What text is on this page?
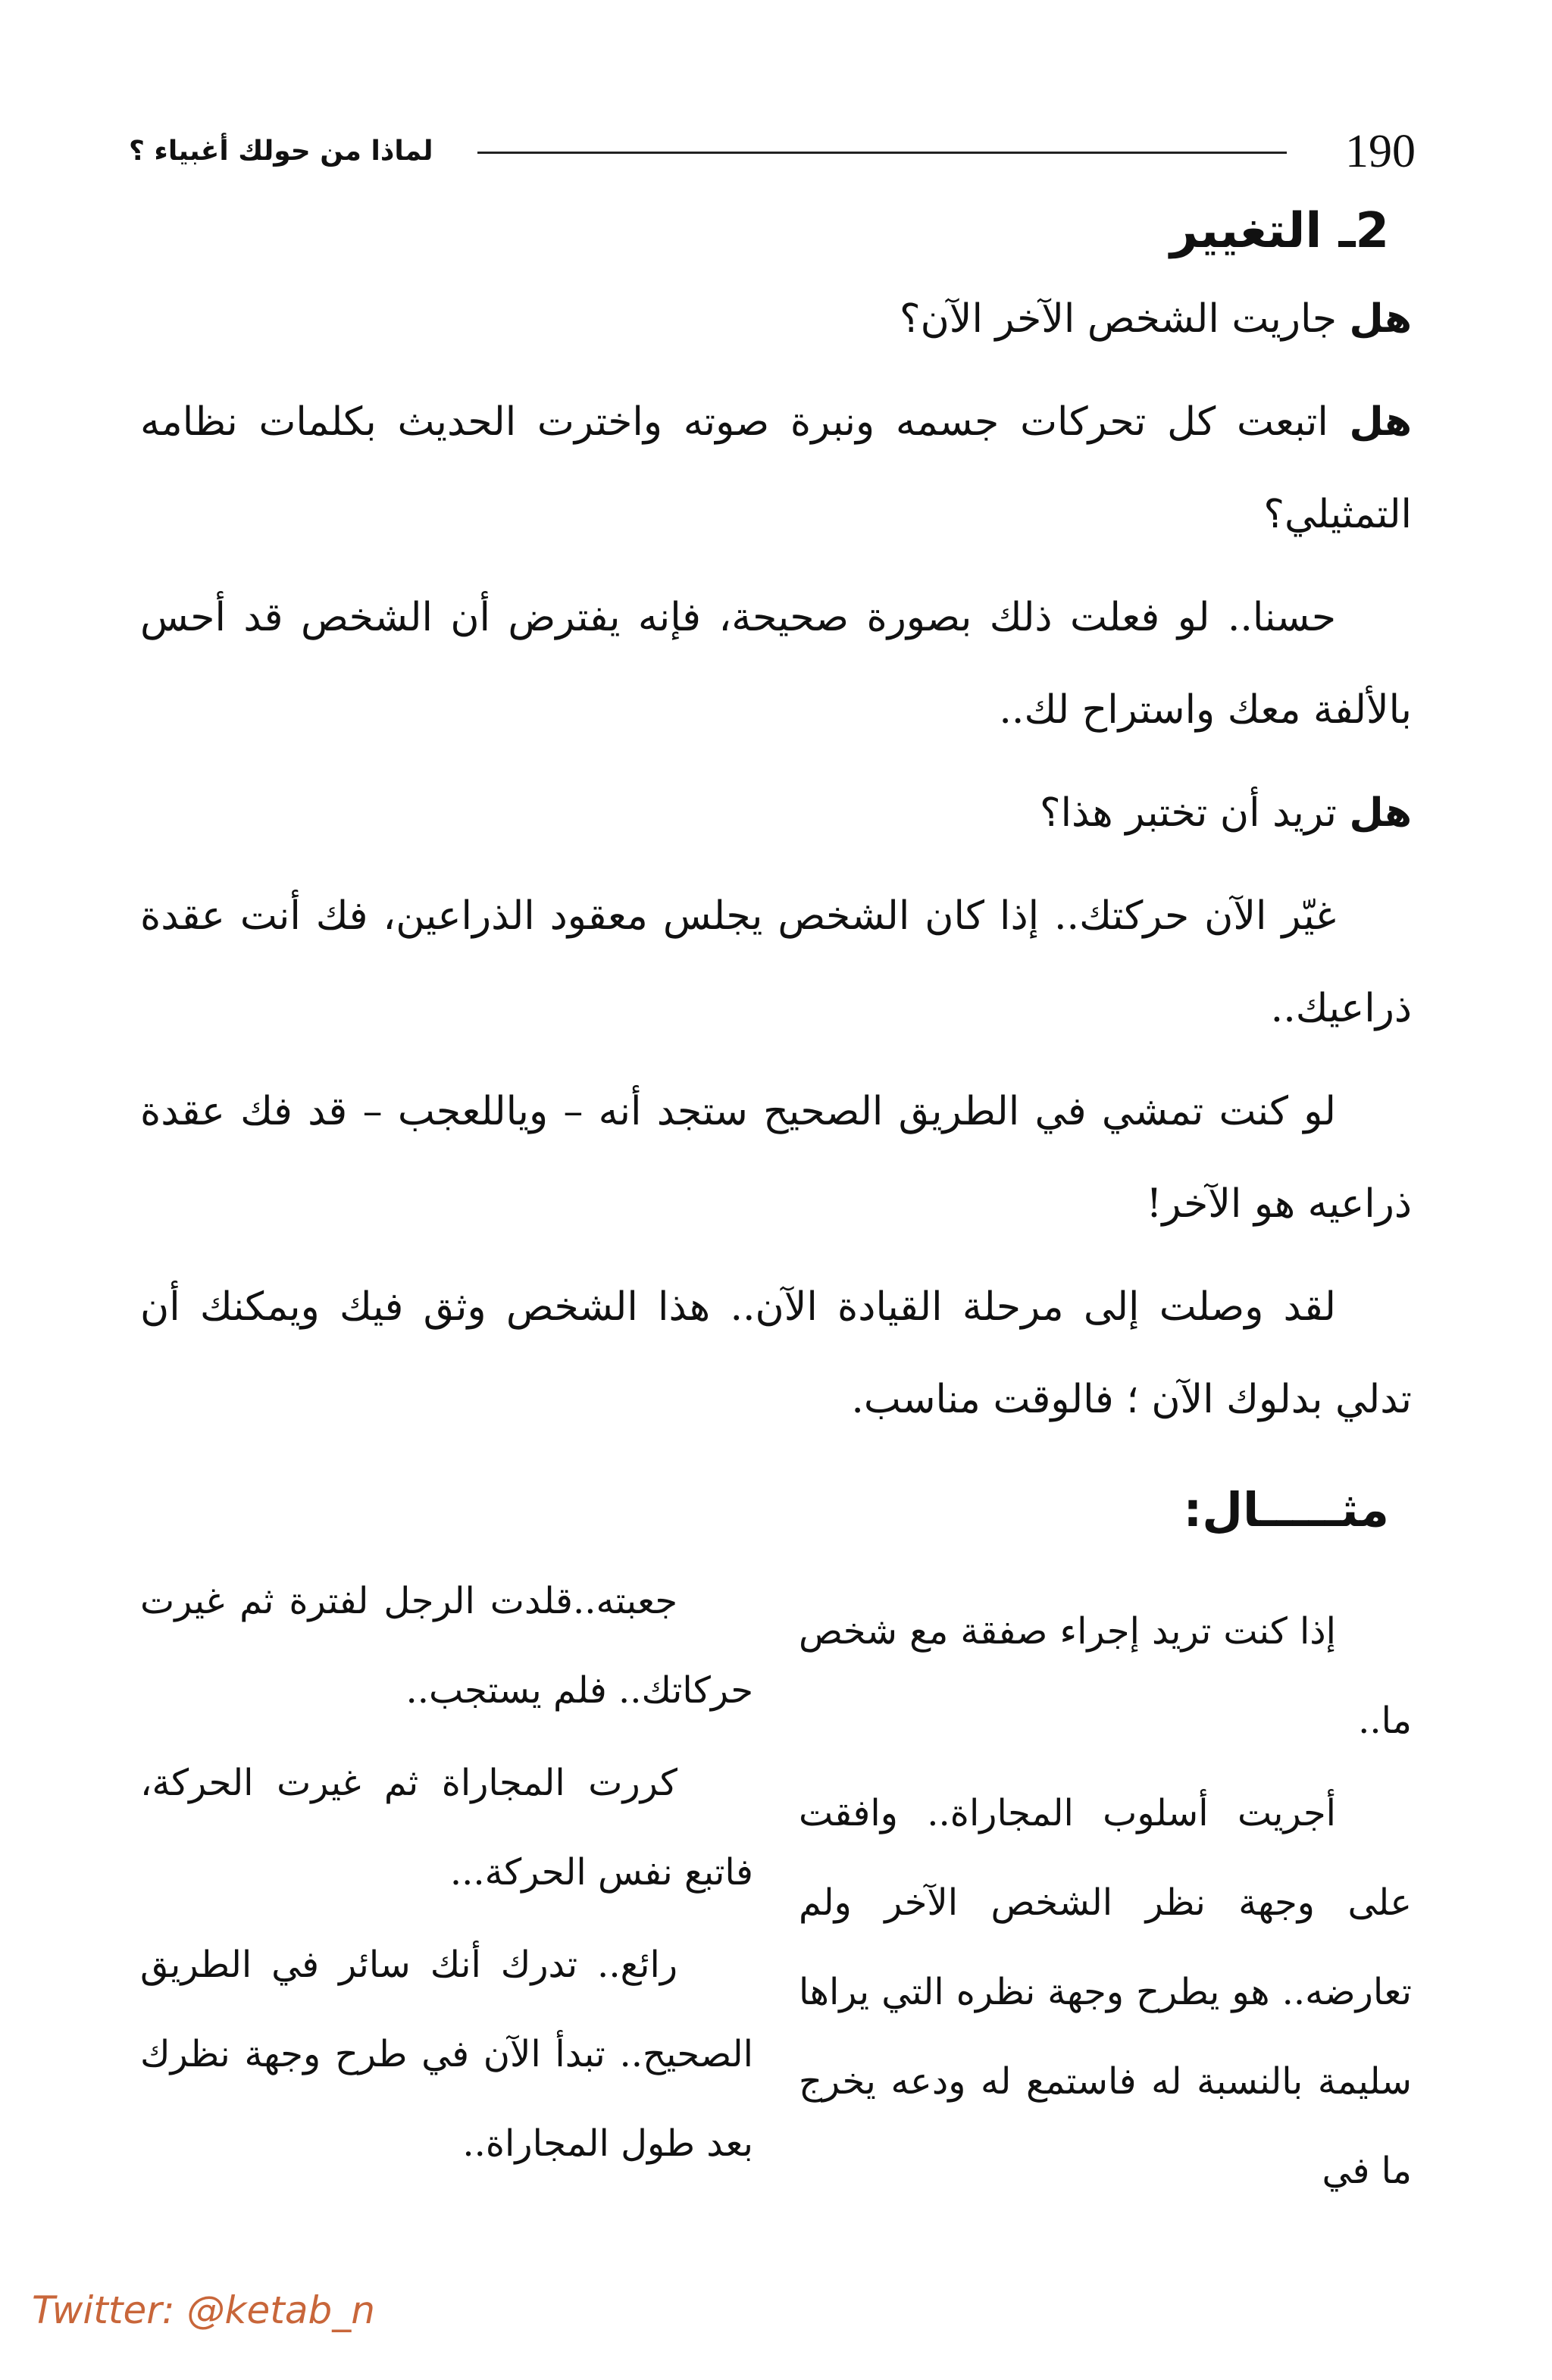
190
لماذا من حولك أغبياء ؟
2ـ التغيير

هل جاريت الشخص الآخر الآن؟

هل اتبعت كل تحركات جسمه ونبرة صوته واخترت الحديث بكلمات نظامه التمثيلي؟

حسنا.. لو فعلت ذلك بصورة صحيحة، فإنه يفترض أن الشخص قد أحس بالألفة معك واستراح لك..

هل تريد أن تختبر هذا؟

غيّر الآن حركتك.. إذا كان الشخص يجلس معقود الذراعين، فك أنت عقدة ذراعيك..

لو كنت تمشي في الطريق الصحيح ستجد أنه – وياللعجب – قد فك عقدة ذراعيه هو الآخر!

لقد وصلت إلى مرحلة القيادة الآن.. هذا الشخص وثق فيك ويمكنك أن تدلي بدلوك الآن ؛ فالوقت مناسب.

مثـــــال:

إذا كنت تريد إجراء صفقة مع شخص ما..

أجريت أسلوب المجاراة.. وافقت على وجهة نظر الشخص الآخر ولم تعارضه.. هو يطرح وجهة نظره التي يراها سليمة بالنسبة له فاستمع له ودعه يخرج ما في

جعبته..قلدت الرجل لفترة ثم غيرت حركاتك.. فلم يستجب..

كررت المجاراة ثم غيرت الحركة، فاتبع نفس الحركة...

رائع.. تدرك أنك سائر في الطريق الصحيح.. تبدأ الآن في طرح وجهة نظرك بعد طول المجاراة..

Twitter: @ketab_n
